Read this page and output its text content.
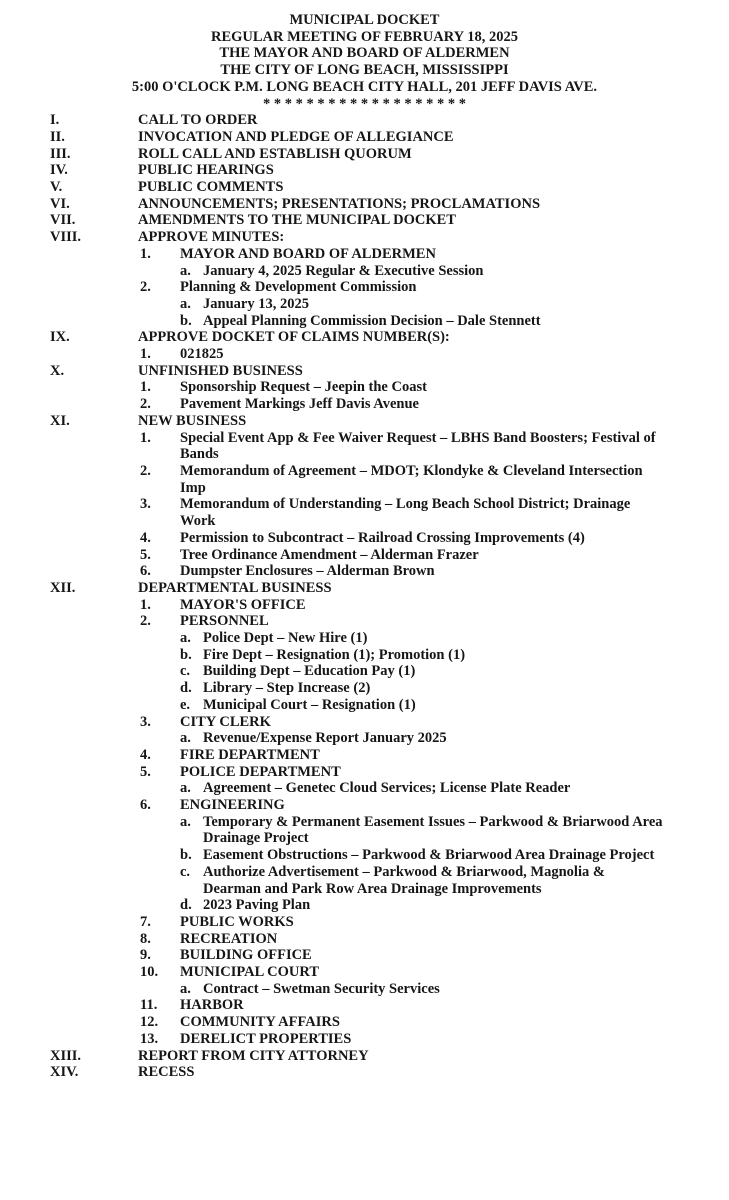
MUNICIPAL DOCKET
REGULAR MEETING OF FEBRUARY 18, 2025
THE MAYOR AND BOARD OF ALDERMEN
THE CITY OF LONG BEACH, MISSISSIPPI
5:00 O'CLOCK P.M. LONG BEACH CITY HALL, 201 JEFF DAVIS AVE.
* * * * * * * * * * * * * * * * * * *
I.	CALL TO ORDER
II.	INVOCATION AND PLEDGE OF ALLEGIANCE
III.	ROLL CALL AND ESTABLISH QUORUM
IV.	PUBLIC HEARINGS
V.	PUBLIC COMMENTS
VI.	ANNOUNCEMENTS; PRESENTATIONS; PROCLAMATIONS
VII.	AMENDMENTS TO THE MUNICIPAL DOCKET
VIII.	APPROVE MINUTES:
1.	MAYOR AND BOARD OF ALDERMEN
a. January 4, 2025 Regular & Executive Session
2.	Planning & Development Commission
a. January 13, 2025
b. Appeal Planning Commission Decision – Dale Stennett
IX.	APPROVE DOCKET OF CLAIMS NUMBER(S):
1.	021825
X.	UNFINISHED BUSINESS
1.	Sponsorship Request – Jeepin the Coast
2.	Pavement Markings Jeff Davis Avenue
XI.	NEW BUSINESS
1.	Special Event App & Fee Waiver Request – LBHS Band Boosters; Festival of Bands
2.	Memorandum of Agreement – MDOT; Klondyke & Cleveland Intersection Imp
3.	Memorandum of Understanding – Long Beach School District; Drainage Work
4.	Permission to Subcontract – Railroad Crossing Improvements (4)
5.	Tree Ordinance Amendment – Alderman Frazer
6.	Dumpster Enclosures – Alderman Brown
XII.	DEPARTMENTAL BUSINESS
1.	MAYOR'S OFFICE
2.	PERSONNEL
a. Police Dept – New Hire (1)
b. Fire Dept – Resignation (1); Promotion (1)
c. Building Dept – Education Pay (1)
d. Library – Step Increase (2)
e. Municipal Court – Resignation (1)
3.	CITY CLERK
a. Revenue/Expense Report January 2025
4.	FIRE DEPARTMENT
5.	POLICE DEPARTMENT
a. Agreement – Genetec Cloud Services; License Plate Reader
6.	ENGINEERING
a. Temporary & Permanent Easement Issues – Parkwood & Briarwood Area Drainage Project
b. Easement Obstructions – Parkwood & Briarwood Area Drainage Project
c. Authorize Advertisement – Parkwood & Briarwood, Magnolia & Dearman and Park Row Area Drainage Improvements
d. 2023 Paving Plan
7.	PUBLIC WORKS
8.	RECREATION
9.	BUILDING OFFICE
10.	MUNICIPAL COURT
a. Contract – Swetman Security Services
11.	HARBOR
12.	COMMUNITY AFFAIRS
13.	DERELICT PROPERTIES
XIII.	REPORT FROM CITY ATTORNEY
XIV.	RECESS
